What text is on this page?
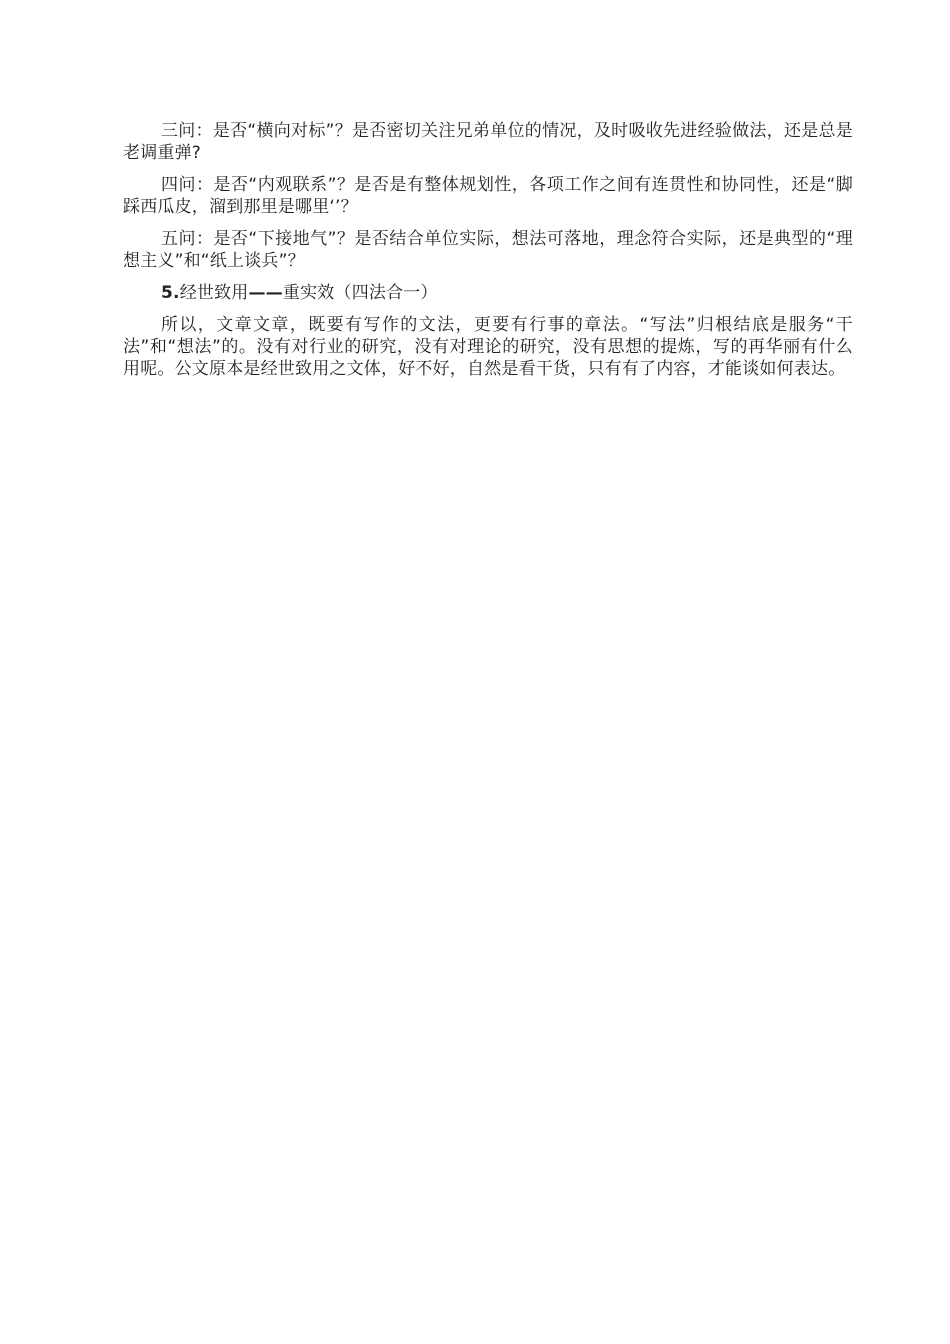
三问：是否“横向对标”？是否密切关注兄弟单位的情况，及时吸收先进经验做法，还是总是老调重弹?

四问：是否“内观联系”？是否是有整体规划性，各项工作之间有连贯性和协同性，还是“脚踩西瓜皮，溜到那里是哪里‘’？

五问：是否“下接地气”？是否结合单位实际，想法可落地，理念符合实际，还是典型的“理想主义”和“纸上谈兵”？

5.经世致用——重实效（四法合一）

所以，文章文章，既要有写作的文法，更要有行事的章法。“写法”归根结底是服务“干法”和“想法”的。没有对行业的研究，没有对理论的研究，没有思想的提炼，写的再华丽有什么用呢。公文原本是经世致用之文体，好不好，自然是看干货，只有有了内容，才能谈如何表达。
